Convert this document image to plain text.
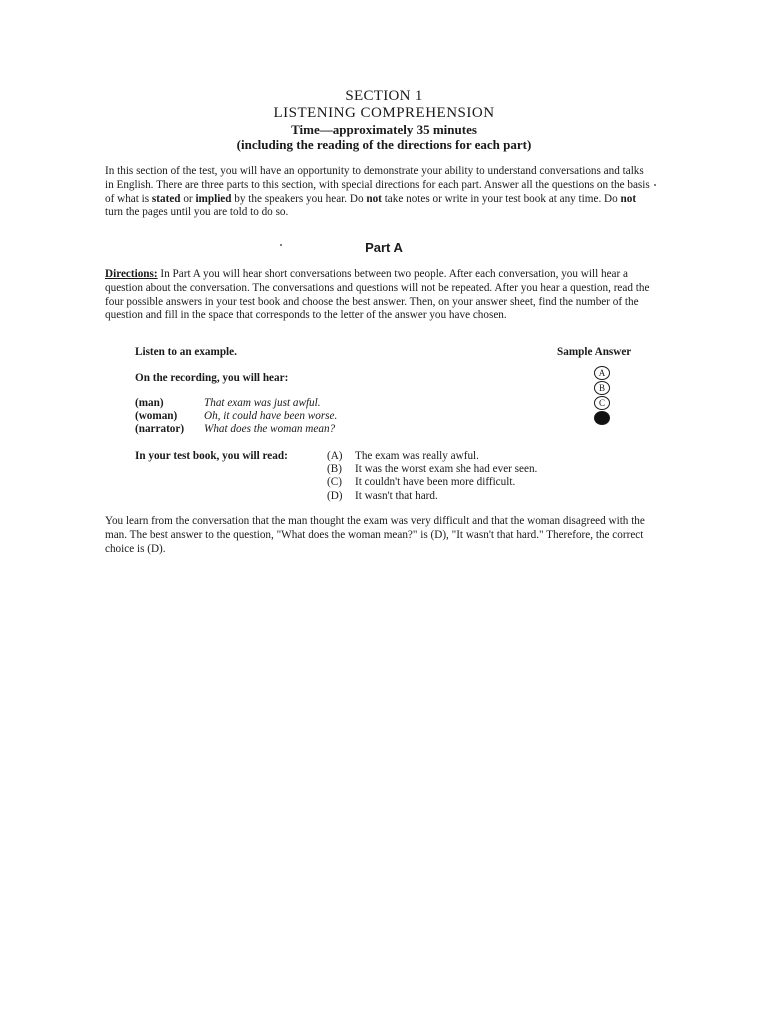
SECTION 1
LISTENING COMPREHENSION
Time—approximately 35 minutes
(including the reading of the directions for each part)
In this section of the test, you will have an opportunity to demonstrate your ability to understand conversations and talks in English. There are three parts to this section, with special directions for each part. Answer all the questions on the basis of what is stated or implied by the speakers you hear. Do not take notes or write in your test book at any time. Do not turn the pages until you are told to do so.
Part A
Directions: In Part A you will hear short conversations between two people. After each conversation, you will hear a question about the conversation. The conversations and questions will not be repeated. After you hear a question, read the four possible answers in your test book and choose the best answer. Then, on your answer sheet, find the number of the question and fill in the space that corresponds to the letter of the answer you have chosen.
Listen to an example.	Sample Answer
A
B
C
D
On the recording, you will hear:
(man)	That exam was just awful.
(woman)	Oh, it could have been worse.
(narrator)	What does the woman mean?
In your test book, you will read:	(A)	The exam was really awful.
(B)	It was the worst exam she had ever seen.
(C)	It couldn't have been more difficult.
(D)	It wasn't that hard.
You learn from the conversation that the man thought the exam was very difficult and that the woman disagreed with the man. The best answer to the question, "What does the woman mean?" is (D), "It wasn't that hard." Therefore, the correct choice is (D).
